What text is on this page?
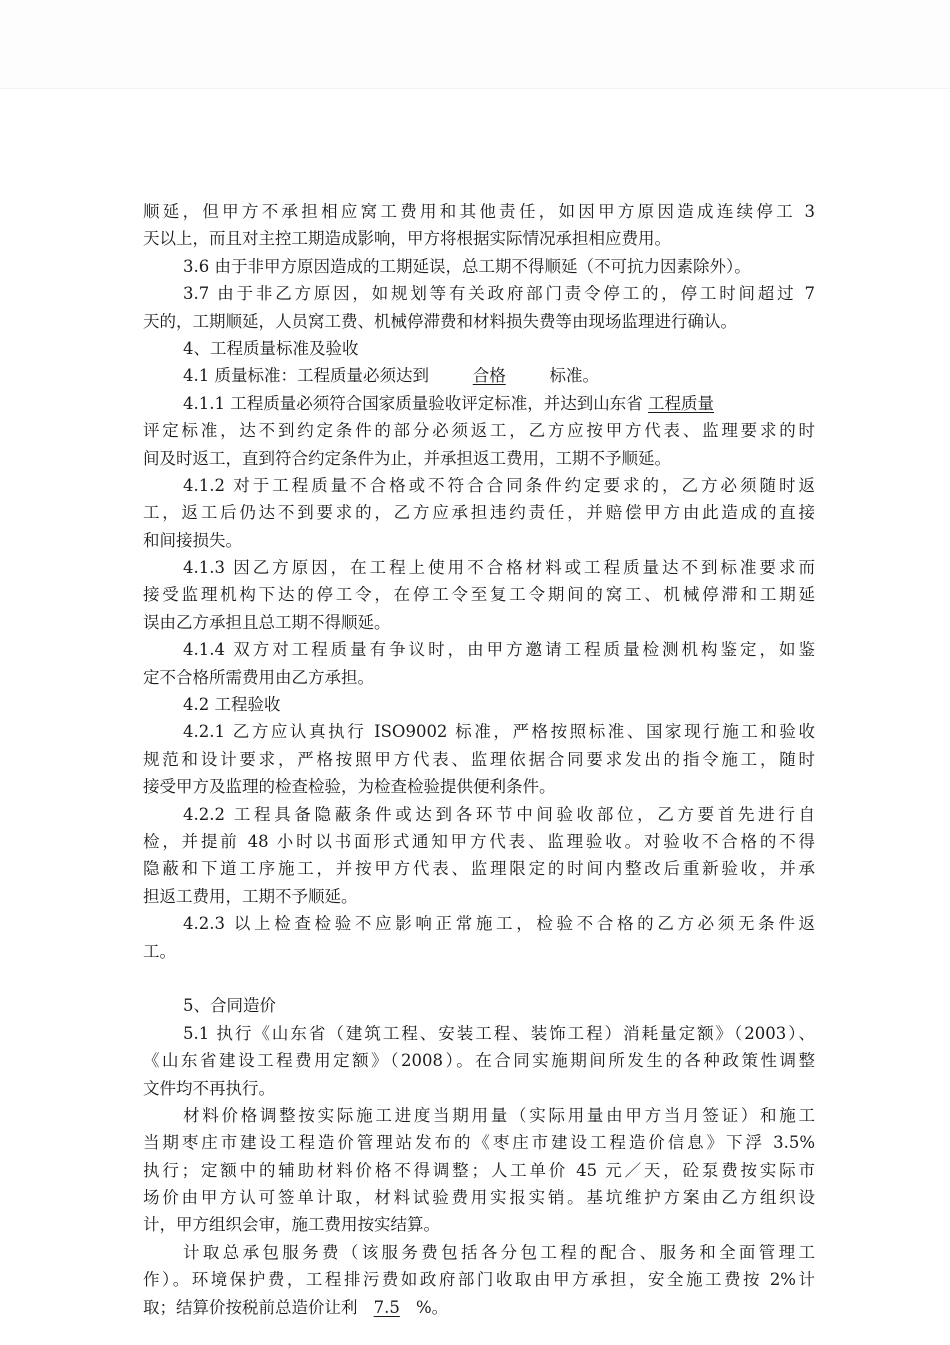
顺延，但甲方不承担相应窝工费用和其他责任，如因甲方原因造成连续停工 3
天以上，而且对主控工期造成影响，甲方将根据实际情况承担相应费用。
3.6 由于非甲方原因造成的工期延误，总工期不得顺延（不可抗力因素除外）。
3.7 由于非乙方原因，如规划等有关政府部门责令停工的，停工时间超过 7
天的，工期顺延，人员窝工费、机械停滞费和材料损失费等由现场监理进行确认。
4、工程质量标准及验收
4.1 质量标准：工程质量必须达到	合格	标准。
4.1.1 工程质量必须符合国家质量验收评定标准，并达到山东省 工程质量
评定标准，达不到约定条件的部分必须返工，乙方应按甲方代表、监理要求的时
间及时返工，直到符合约定条件为止，并承担返工费用，工期不予顺延。
4.1.2 对于工程质量不合格或不符合合同条件约定要求的，乙方必须随时返
工，返工后仍达不到要求的，乙方应承担违约责任，并赔偿甲方由此造成的直接
和间接损失。
4.1.3 因乙方原因，在工程上使用不合格材料或工程质量达不到标准要求而
接受监理机构下达的停工令，在停工令至复工令期间的窝工、机械停滞和工期延
误由乙方承担且总工期不得顺延。
4.1.4 双方对工程质量有争议时，由甲方邀请工程质量检测机构鉴定，如鉴
定不合格所需费用由乙方承担。
4.2 工程验收
4.2.1 乙方应认真执行 ISO9002 标准，严格按照标准、国家现行施工和验收
规范和设计要求，严格按照甲方代表、监理依据合同要求发出的指令施工，随时
接受甲方及监理的检查检验，为检查检验提供便利条件。
4.2.2 工程具备隐蔽条件或达到各环节中间验收部位，乙方要首先进行自
检，并提前 48 小时以书面形式通知甲方代表、监理验收。对验收不合格的不得
隐蔽和下道工序施工，并按甲方代表、监理限定的时间内整改后重新验收，并承
担返工费用，工期不予顺延。
4.2.3 以上检查检验不应影响正常施工，检验不合格的乙方必须无条件返
工。
5、合同造价
5.1 执行《山东省（建筑工程、安装工程、装饰工程）消耗量定额》（2003）、
《山东省建设工程费用定额》（2008）。在合同实施期间所发生的各种政策性调整
文件均不再执行。
材料价格调整按实际施工进度当期用量（实际用量由甲方当月签证）和施工
当期枣庄市建设工程造价管理站发布的《枣庄市建设工程造价信息》下浮 3.5%
执行；定额中的辅助材料价格不得调整；人工单价 45 元／天，砼泵费按实际市
场价由甲方认可签单计取，材料试验费用实报实销。基坑维护方案由乙方组织设
计，甲方组织会审，施工费用按实结算。
计取总承包服务费（该服务费包括各分包工程的配合、服务和全面管理工
作）。环境保护费，工程排污费如政府部门收取由甲方承担，安全施工费按 2%计
取；结算价按税前总造价让利 7.5 %。
